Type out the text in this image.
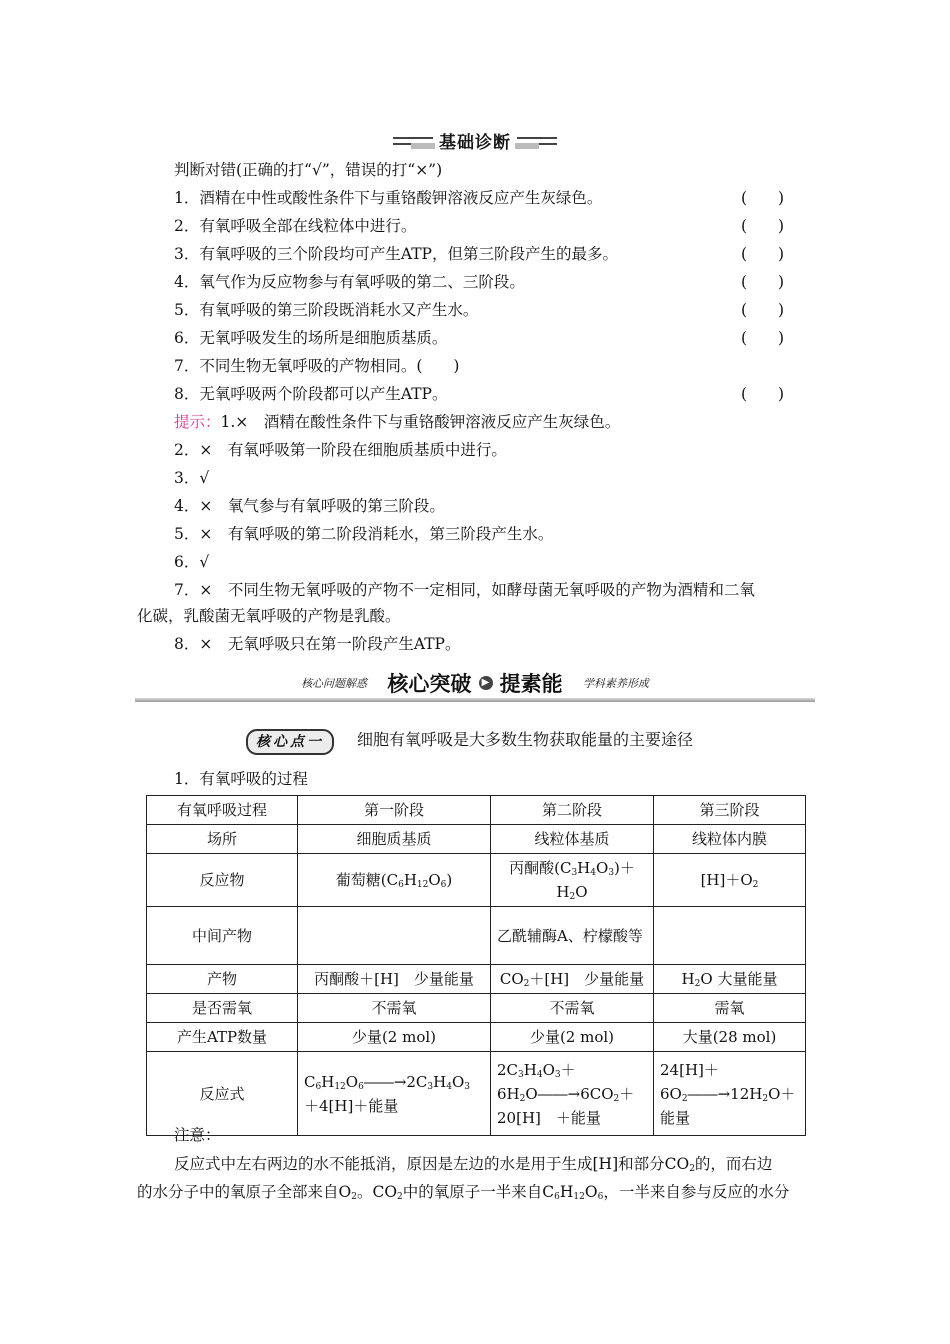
基础诊断
判断对错(正确的打“√”，错误的打“×”)
1．酒精在中性或酸性条件下与重铬酸钾溶液反应产生灰绿色。	(　　)
2．有氧呼吸全部在线粒体中进行。	(　　)
3．有氧呼吸的三个阶段均可产生ATP，但第三阶段产生的最多。	(　　)
4．氧气作为反应物参与有氧呼吸的第二、三阶段。	(　　)
5．有氧呼吸的第三阶段既消耗水又产生水。	(　　)
6．无氧呼吸发生的场所是细胞质基质。	(　　)
7．不同生物无氧呼吸的产物相同。(　　)
8．无氧呼吸两个阶段都可以产生ATP。	(　　)
提示：1.×　酒精在酸性条件下与重铬酸钾溶液反应产生灰绿色。
2．×　有氧呼吸第一阶段在细胞质基质中进行。
3．√
4．×　氧气参与有氧呼吸的第三阶段。
5．×　有氧呼吸的第二阶段消耗水，第三阶段产生水。
6．√
7．×　不同生物无氧呼吸的产物不一定相同，如酵母菌无氧呼吸的产物为酒精和二氧
化碳，乳酸菌无氧呼吸的产物是乳酸。
8．×　无氧呼吸只在第一阶段产生ATP。
核心问题解惑 核心突破 ▶ 提素能 学科素养形成
核心点一	细胞有氧呼吸是大多数生物获取能量的主要途径
1．有氧呼吸的过程
有氧呼吸过程	第一阶段	第二阶段	第三阶段
场所	细胞质基质	线粒体基质	线粒体内膜
反应物	葡萄糖$(C_6H_{12}O_6)$	丙酮酸$(C_3H_4O_3)+H_2O$	$[H]+O_2$
中间产物		乙酰辅酶A、柠檬酸等	
产物	丙酮酸＋[H]　少量能量	$CO_2+[H]$　少量能量	$H_2O$ 大量能量
是否需氧	不需氧	不需氧	需氧
产生ATP数量	少量(2 mol)	少量(2 mol)	大量(28 mol)
反应式	$C_6H_{12}O_6――\to 2C_3H_4O_3+4[H]+$能量	$2C_3H_4O_3+6H_2O――\to 6CO_2+20[H]$　＋能量	$24[H]+6O_2――\to 12H_2O+$能量
注意：
反应式中左右两边的水不能抵消，原因是左边的水是用于生成[H]和部分$CO_2$的，而右边
的水分子中的氧原子全部来自$O_2$。$CO_2$中的氧原子一半来自$C_6H_{12}O_6$，一半来自参与反应的水分
